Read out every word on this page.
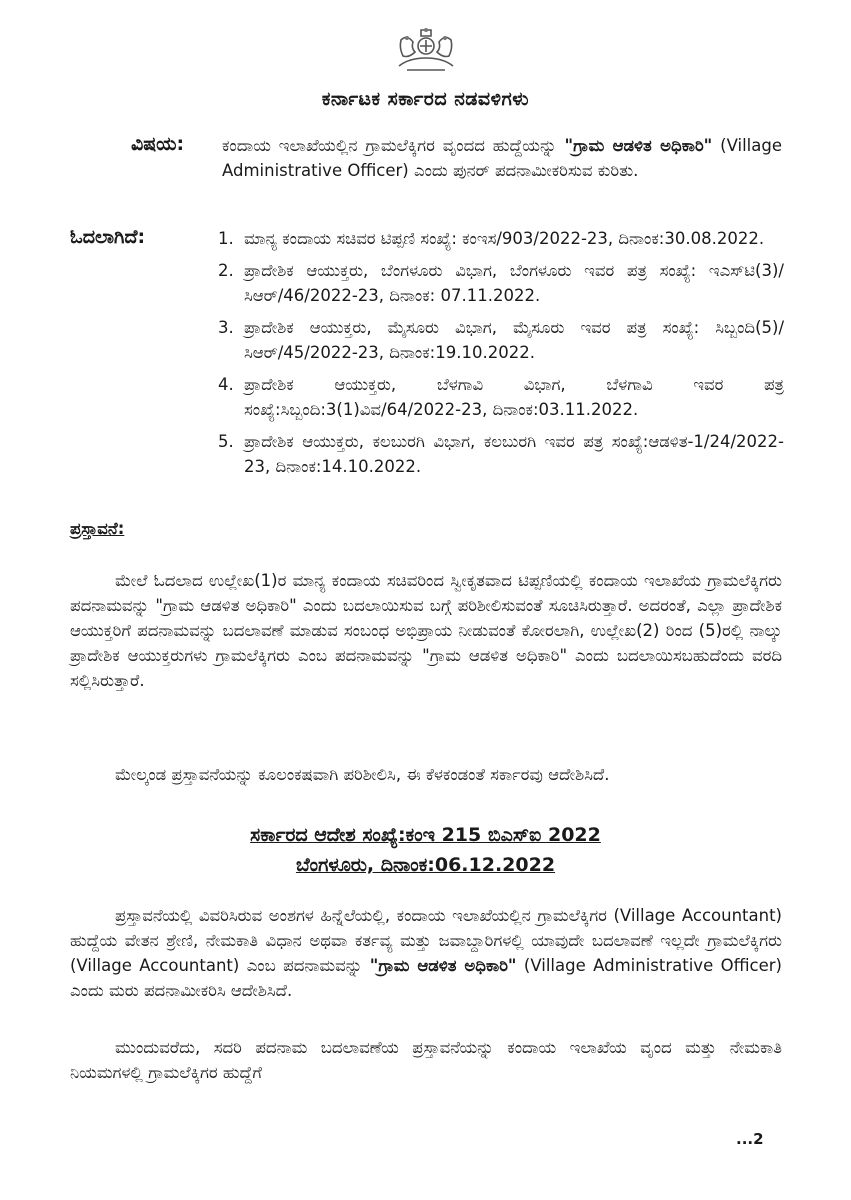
ಕರ್ನಾಟಕ ಸರ್ಕಾರದ ನಡವಳಿಗಳು
ವಿಷಯ: ಕಂದಾಯ ಇಲಾಖೆಯಲ್ಲಿನ ಗ್ರಾಮಲೆಕ್ಕಿಗರ ವೃಂದದ ಹುದ್ದೆಯನ್ನು "ಗ್ರಾಮ ಆಡಳಿತ ಅಧಿಕಾರಿ" (Village Administrative Officer) ಎಂದು ಪುನರ್ ಪದನಾಮೀಕರಿಸುವ ಕುರಿತು.
ಓದಲಾಗಿದೆ:	1. ಮಾನ್ಯ ಕಂದಾಯ ಸಚಿವರ ಟಿಪ್ಪಣಿ ಸಂಖ್ಯೆ: ಕಂಇಸ/903/2022-23, ದಿನಾಂಕ:30.08.2022.
2. ಪ್ರಾದೇಶಿಕ ಆಯುಕ್ತರು, ಬೆಂಗಳೂರು ವಿಭಾಗ, ಬೆಂಗಳೂರು ಇವರ ಪತ್ರ ಸಂಖ್ಯೆ: ಇಎಸ್‌ಟಿ(3)/ಸಿಆರ್/46/2022-23, ದಿನಾಂಕ: 07.11.2022.
3. ಪ್ರಾದೇಶಿಕ ಆಯುಕ್ತರು, ಮೈಸೂರು ವಿಭಾಗ, ಮೈಸೂರು ಇವರ ಪತ್ರ ಸಂಖ್ಯೆ: ಸಿಬ್ಬಂದಿ(5)/ಸಿಆರ್/45/2022-23, ದಿನಾಂಕ:19.10.2022.
4. ಪ್ರಾದೇಶಿಕ ಆಯುಕ್ತರು, ಬೆಳಗಾವಿ ವಿಭಾಗ, ಬೆಳಗಾವಿ ಇವರ ಪತ್ರ ಸಂಖ್ಯೆ:ಸಿಬ್ಬಂದಿ:3(1)ವಿವ/64/2022-23, ದಿನಾಂಕ:03.11.2022.
5. ಪ್ರಾದೇಶಿಕ ಆಯುಕ್ತರು, ಕಲಬುರಗಿ ವಿಭಾಗ, ಕಲಬುರಗಿ ಇವರ ಪತ್ರ ಸಂಖ್ಯೆ:ಆಡಳಿತ-1/24/2022-23, ದಿನಾಂಕ:14.10.2022.
ಪ್ರಸ್ತಾವನೆ:

ಮೇಲೆ ಓದಲಾದ ಉಲ್ಲೇಖ(1)ರ ಮಾನ್ಯ ಕಂದಾಯ ಸಚಿವರಿಂದ ಸ್ವೀಕೃತವಾದ ಟಿಪ್ಪಣಿಯಲ್ಲಿ ಕಂದಾಯ ಇಲಾಖೆಯ ಗ್ರಾಮಲೆಕ್ಕಿಗರು ಪದನಾಮವನ್ನು "ಗ್ರಾಮ ಆಡಳಿತ ಅಧಿಕಾರಿ" ಎಂದು ಬದಲಾಯಿಸುವ ಬಗ್ಗೆ ಪರಿಶೀಲಿಸುವಂತೆ ಸೂಚಿಸಿರುತ್ತಾರೆ. ಅದರಂತೆ, ಎಲ್ಲಾ ಪ್ರಾದೇಶಿಕ ಆಯುಕ್ತರಿಗೆ ಪದನಾಮವನ್ನು ಬದಲಾವಣೆ ಮಾಡುವ ಸಂಬಂಧ ಅಭಿಪ್ರಾಯ ನೀಡುವಂತೆ ಕೋರಲಾಗಿ, ಉಲ್ಲೇಖ(2) ರಿಂದ (5)ರಲ್ಲಿ ನಾಲ್ಕು ಪ್ರಾದೇಶಿಕ ಆಯುಕ್ತರುಗಳು ಗ್ರಾಮಲೆಕ್ಕಿಗರು ಎಂಬ ಪದನಾಮವನ್ನು "ಗ್ರಾಮ ಆಡಳಿತ ಅಧಿಕಾರಿ" ಎಂದು ಬದಲಾಯಿಸಬಹುದೆಂದು ವರದಿ ಸಲ್ಲಿಸಿರುತ್ತಾರೆ.

ಮೇಲ್ಕಂಡ ಪ್ರಸ್ತಾವನೆಯನ್ನು ಕೂಲಂಕಷವಾಗಿ ಪರಿಶೀಲಿಸಿ, ಈ ಕೆಳಕಂಡಂತೆ ಸರ್ಕಾರವು ಆದೇಶಿಸಿದೆ.

ಸರ್ಕಾರದ ಆದೇಶ ಸಂಖ್ಯೆ:ಕಂಇ 215 ಬಿಎಸ್‌ಐ 2022
ಬೆಂಗಳೂರು, ದಿನಾಂಕ:06.12.2022

ಪ್ರಸ್ತಾವನೆಯಲ್ಲಿ ವಿವರಿಸಿರುವ ಅಂಶಗಳ ಹಿನ್ನೆಲೆಯಲ್ಲಿ, ಕಂದಾಯ ಇಲಾಖೆಯಲ್ಲಿನ ಗ್ರಾಮಲೆಕ್ಕಿಗರ (Village Accountant) ಹುದ್ದೆಯ ವೇತನ ಶ್ರೇಣಿ, ನೇಮಕಾತಿ ವಿಧಾನ ಅಥವಾ ಕರ್ತವ್ಯ ಮತ್ತು ಜವಾಬ್ದಾರಿಗಳಲ್ಲಿ ಯಾವುದೇ ಬದಲಾವಣೆ ಇಲ್ಲದೇ ಗ್ರಾಮಲೆಕ್ಕಿಗರು (Village Accountant) ಎಂಬ ಪದನಾಮವನ್ನು "ಗ್ರಾಮ ಆಡಳಿತ ಅಧಿಕಾರಿ" (Village Administrative Officer) ಎಂದು ಮರು ಪದನಾಮೀಕರಿಸಿ ಆದೇಶಿಸಿದೆ.

ಮುಂದುವರೆದು, ಸದರಿ ಪದನಾಮ ಬದಲಾವಣೆಯ ಪ್ರಸ್ತಾವನೆಯನ್ನು ಕಂದಾಯ ಇಲಾಖೆಯ ವೃಂದ ಮತ್ತು ನೇಮಕಾತಿ ನಿಯಮಗಳಲ್ಲಿ ಗ್ರಾಮಲೆಕ್ಕಿಗರ ಹುದ್ದೆಗೆ

...2
